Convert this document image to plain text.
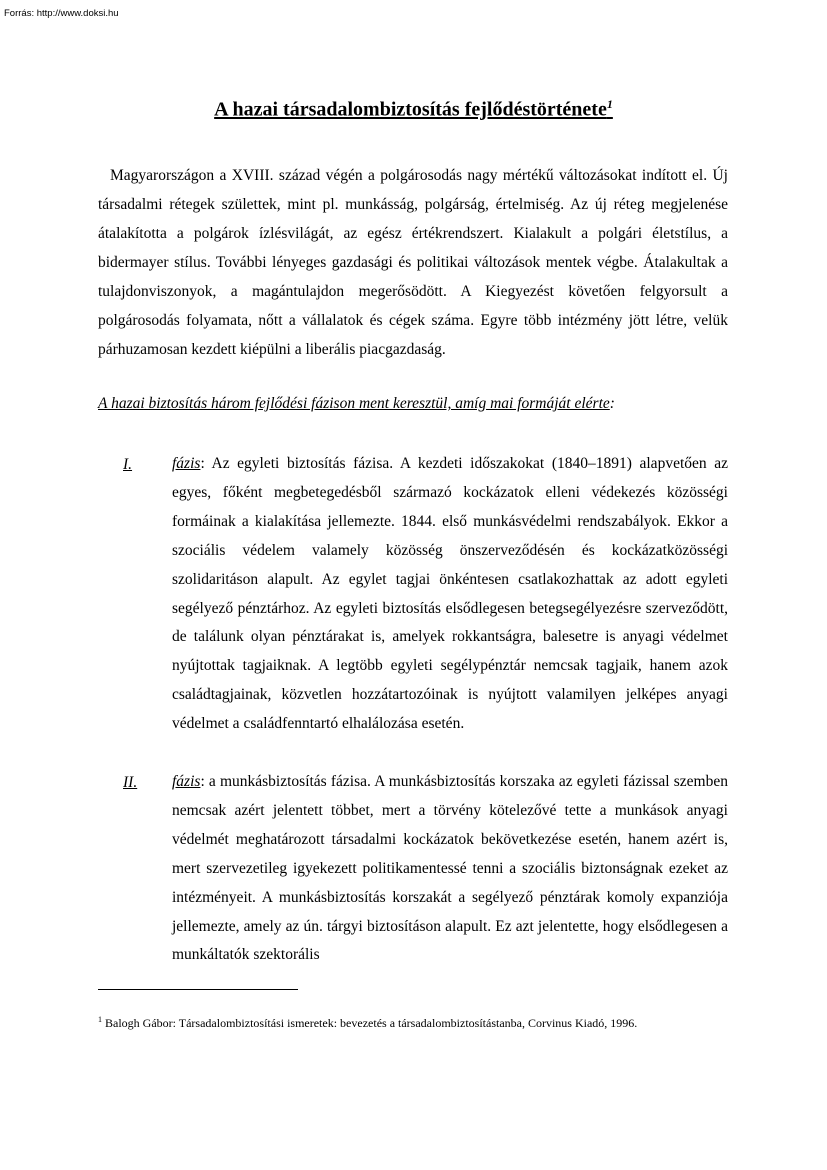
Forrás: http://www.doksi.hu
A hazai társadalombiztosítás fejlődéstörténete$^1$

Magyarországon a XVIII. század végén a polgárosodás nagy mértékű változásokat indított el. Új társadalmi rétegek születtek, mint pl. munkásság, polgárság, értelmiség. Az új réteg megjelenése átalakította a polgárok ízlésvilágát, az egész értékrendszert. Kialakult a polgári életstílus, a bidermayer stílus. További lényeges gazdasági és politikai változások mentek végbe. Átalakultak a tulajdonviszonyok, a magántulajdon megerősödött. A Kiegyezést követően felgyorsult a polgárosodás folyamata, nőtt a vállalatok és cégek száma. Egyre több intézmény jött létre, velük párhuzamosan kezdett kiépülni a liberális piacgazdaság.

A hazai biztosítás három fejlődési fázison ment keresztül, amíg mai formáját elérte:

I.	fázis: Az egyleti biztosítás fázisa. A kezdeti időszakokat (1840–1891) alapvetően az egyes, főként megbetegedésből származó kockázatok elleni védekezés közösségi formáinak a kialakítása jellemezte. 1844. első munkásvédelmi rendszabályok. Ekkor a szociális védelem valamely közösség önszerveződésén és kockázatközösségi szolidaritáson alapult. Az egylet tagjai önkéntesen csatlakozhattak az adott egyleti segélyező pénztárhoz. Az egyleti biztosítás elsődlegesen betegsegélyezésre szerveződött, de találunk olyan pénztárakat is, amelyek rokkantságra, balesetre is anyagi védelmet nyújtottak tagjaiknak. A legtöbb egyleti segélypénztár nemcsak tagjaik, hanem azok családtagjainak, közvetlen hozzátartozóinak is nyújtott valamilyen jelképes anyagi védelmet a családfenntartó elhalálozása esetén.

II. fázis: a munkásbiztosítás fázisa. A munkásbiztosítás korszaka az egyleti fázissal szemben nemcsak azért jelentett többet, mert a törvény kötelezővé tette a munkások anyagi védelmét meghatározott társadalmi kockázatok bekövetkezése esetén, hanem azért is, mert szervezetileg igyekezett politikamentessé tenni a szociális biztonságnak ezeket az intézményeit. A munkásbiztosítás korszakát a segélyező pénztárak komoly expanziója jellemezte, amely az ún. tárgyi biztosításon alapult. Ez azt jelentette, hogy elsődlegesen a munkáltatók szektorális

$^1$ Balogh Gábor: Társadalombiztosítási ismeretek: bevezetés a társadalombiztosítástanba, Corvinus Kiadó, 1996.
